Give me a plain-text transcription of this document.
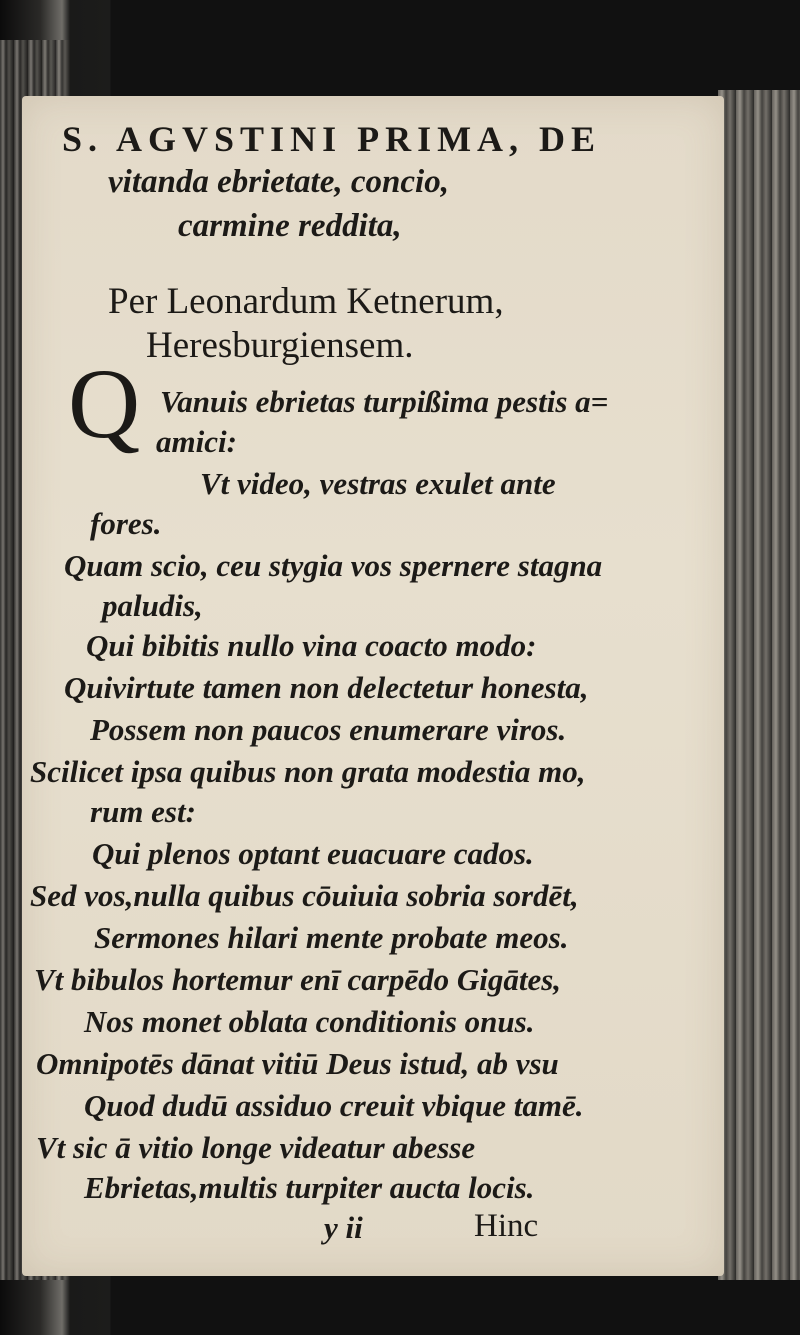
S. AGVSTINI PRIMA, DE
vitanda ebrietate, concio,
carmine reddita,
Per Leonardum Ketnerum,
Heresburgiensem.
Q Vanuis ebrietas turpißima pestis a=
amici:
Vt video, vestras exulet ante
fores.
Quam scio, ceu stygia vos spernere stagna
paludis,
Qui bibitis nullo vina coacto modo:
Quivirtute tamen non delectetur honesta,
Possem non paucos enumerare viros.
Scilicet ipsa quibus non grata modestia mo,
rum est:
Qui plenos optant euacuare cados.
Sed vos,nulla quibus cōuiuia sobria sordēt,
Sermones hilari mente probate meos.
Vt bibulos hortemur enī carpēdo Gigātes,
Nos monet oblata conditionis onus.
Omnipotēs dānat vitiū Deus istud, ab vsu
Quod dudū assiduo creuit vbique tamē.
Vt sic ā vitio longe videatur abesse
Ebrietas,multis turpiter aucta locis.
y ii	Hinc
